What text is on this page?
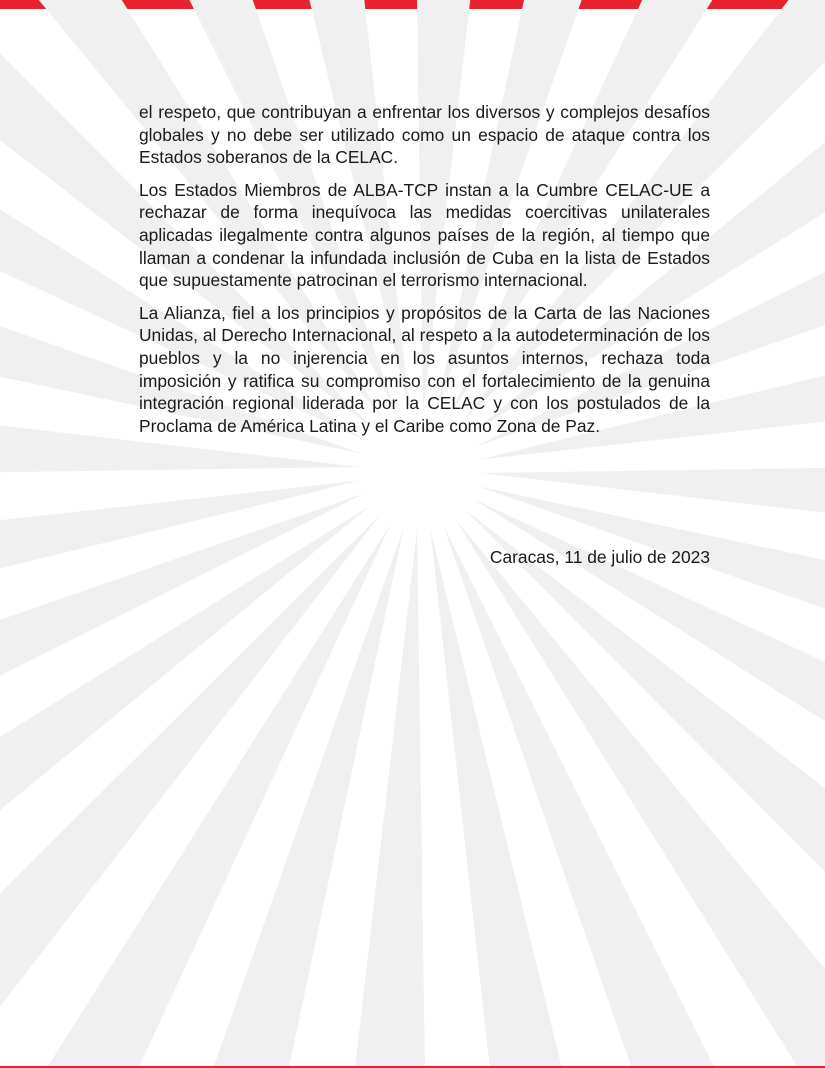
el respeto, que contribuyan a enfrentar los diversos y complejos desafíos globales y no debe ser utilizado como un espacio de ataque contra los Estados soberanos de la CELAC.

Los Estados Miembros de ALBA-TCP instan a la Cumbre CELAC-UE a rechazar de forma inequívoca las medidas coercitivas unilaterales aplicadas ilegalmente contra algunos países de la región, al tiempo que llaman a condenar la infundada inclusión de Cuba en la lista de Estados que supuestamente patrocinan el terrorismo internacional.

La Alianza, fiel a los principios y propósitos de la Carta de las Naciones Unidas, al Derecho Internacional, al respeto a la autodeterminación de los pueblos y la no injerencia en los asuntos internos, rechaza toda imposición y ratifica su compromiso con el fortalecimiento de la genuina integración regional liderada por la CELAC y con los postulados de la Proclama de América Latina y el Caribe como Zona de Paz.

Caracas, 11 de julio de 2023
